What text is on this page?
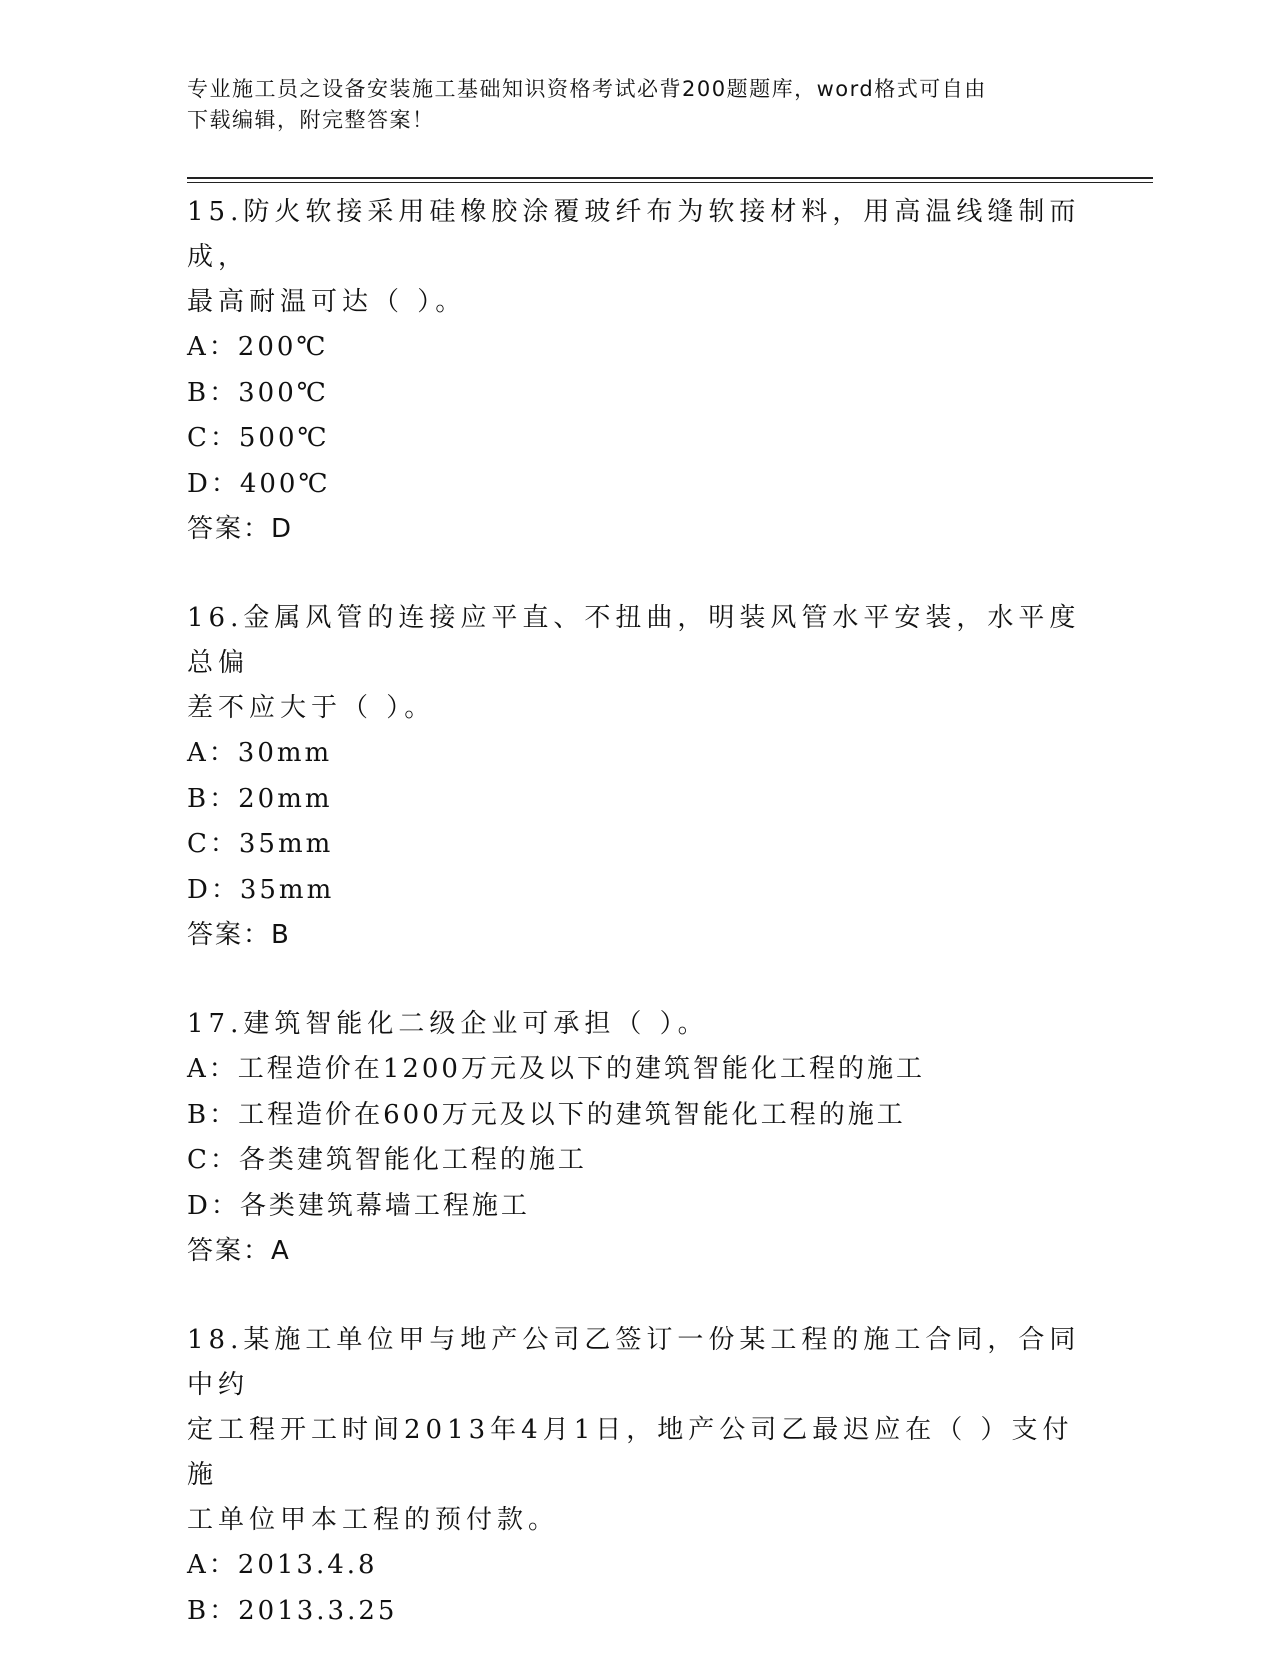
专业施工员之设备安装施工基础知识资格考试必背200题题库，word格式可自由
下载编辑，附完整答案！

15.防火软接采用硅橡胶涂覆玻纤布为软接材料，用高温线缝制而成，

最高耐温可达（ ）。

A：200℃

B：300℃

C：500℃

D：400℃

答案：D

16.金属风管的连接应平直、不扭曲，明装风管水平安装，水平度总偏

差不应大于（ ）。

A：30mm

B：20mm

C：35mm

D：35mm

答案：B

17.建筑智能化二级企业可承担（ ）。

A：工程造价在1200万元及以下的建筑智能化工程的施工

B：工程造价在600万元及以下的建筑智能化工程的施工

C：各类建筑智能化工程的施工

D：各类建筑幕墙工程施工

答案：A

18.某施工单位甲与地产公司乙签订一份某工程的施工合同，合同中约

定工程开工时间2013年4月1日，地产公司乙最迟应在（ ）支付施

工单位甲本工程的预付款。

A：2013.4.8

B：2013.3.25
